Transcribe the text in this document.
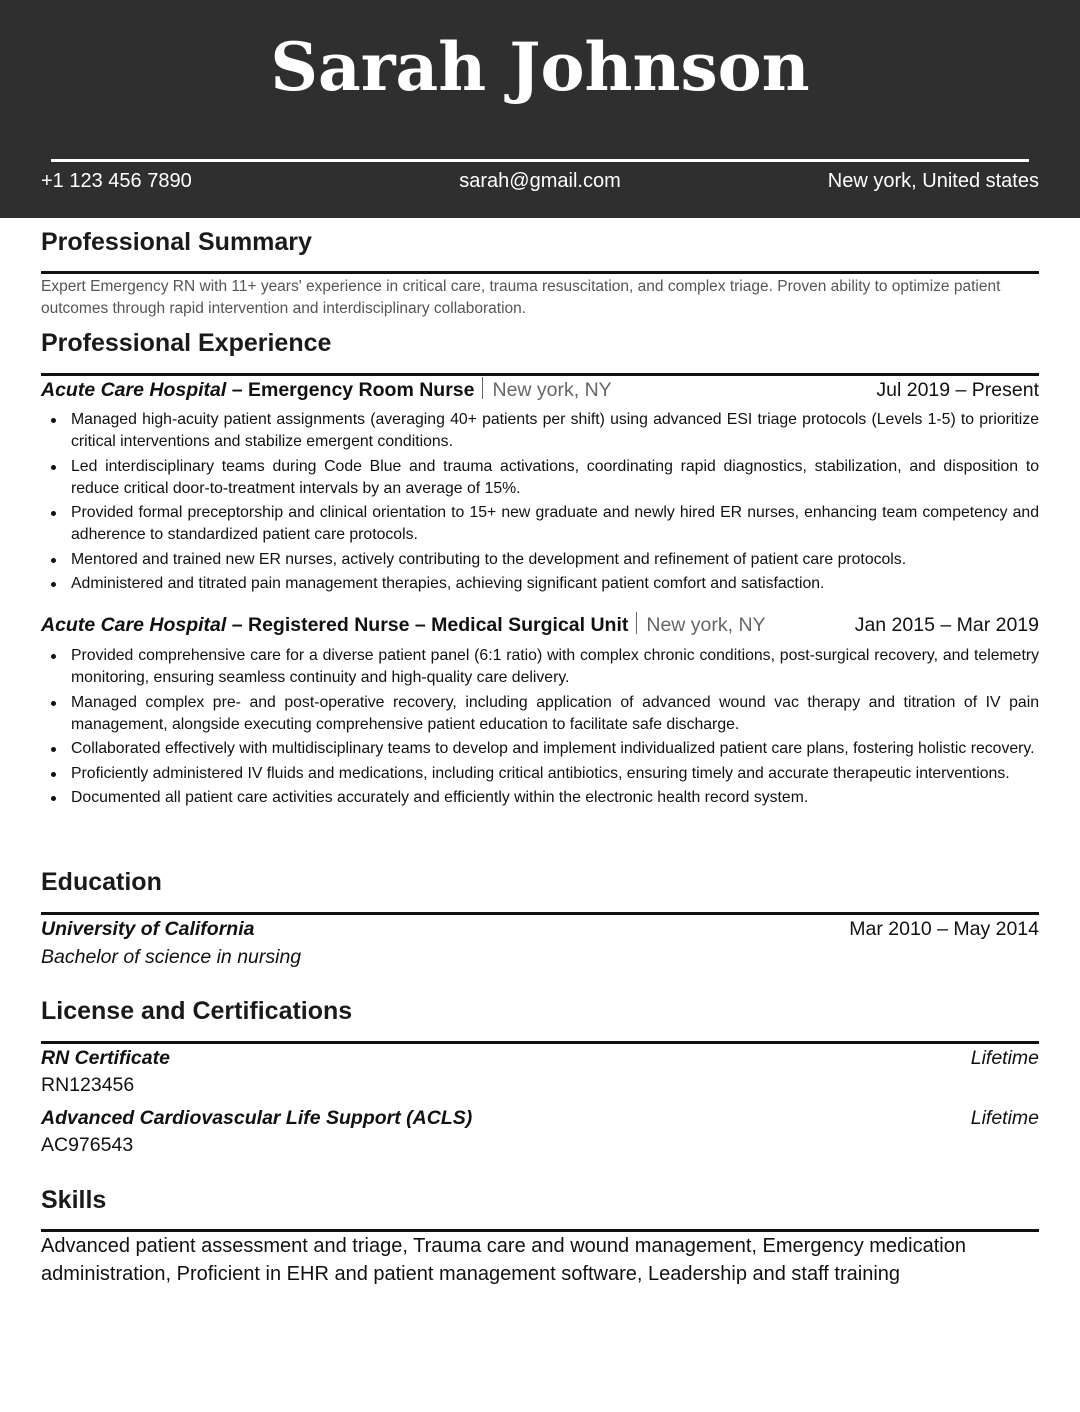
Sarah Johnson
+1 123 456 7890	sarah@gmail.com	New york, United states
Professional Summary
Expert Emergency RN with 11+ years' experience in critical care, trauma resuscitation, and complex triage. Proven ability to optimize patient outcomes through rapid intervention and interdisciplinary collaboration.
Professional Experience
Acute Care Hospital – Emergency Room Nurse New york, NY	Jul 2019 – Present
Managed high-acuity patient assignments (averaging 40+ patients per shift) using advanced ESI triage protocols (Levels 1-5) to prioritize critical interventions and stabilize emergent conditions.
Led interdisciplinary teams during Code Blue and trauma activations, coordinating rapid diagnostics, stabilization, and disposition to reduce critical door-to-treatment intervals by an average of 15%.
Provided formal preceptorship and clinical orientation to 15+ new graduate and newly hired ER nurses, enhancing team competency and adherence to standardized patient care protocols.
Mentored and trained new ER nurses, actively contributing to the development and refinement of patient care protocols.
Administered and titrated pain management therapies, achieving significant patient comfort and satisfaction.
Acute Care Hospital – Registered Nurse – Medical Surgical Unit New york, NY	Jan 2015 – Mar 2019
Provided comprehensive care for a diverse patient panel (6:1 ratio) with complex chronic conditions, post-surgical recovery, and telemetry monitoring, ensuring seamless continuity and high-quality care delivery.
Managed complex pre- and post-operative recovery, including application of advanced wound vac therapy and titration of IV pain management, alongside executing comprehensive patient education to facilitate safe discharge.
Collaborated effectively with multidisciplinary teams to develop and implement individualized patient care plans, fostering holistic recovery.
Proficiently administered IV fluids and medications, including critical antibiotics, ensuring timely and accurate therapeutic interventions.
Documented all patient care activities accurately and efficiently within the electronic health record system.
Education
University of California	Mar 2010 – May 2014
Bachelor of science in nursing
License and Certifications
RN Certificate	Lifetime
RN123456
Advanced Cardiovascular Life Support (ACLS)	Lifetime
AC976543
Skills
Advanced patient assessment and triage, Trauma care and wound management, Emergency medication administration, Proficient in EHR and patient management software, Leadership and staff training
